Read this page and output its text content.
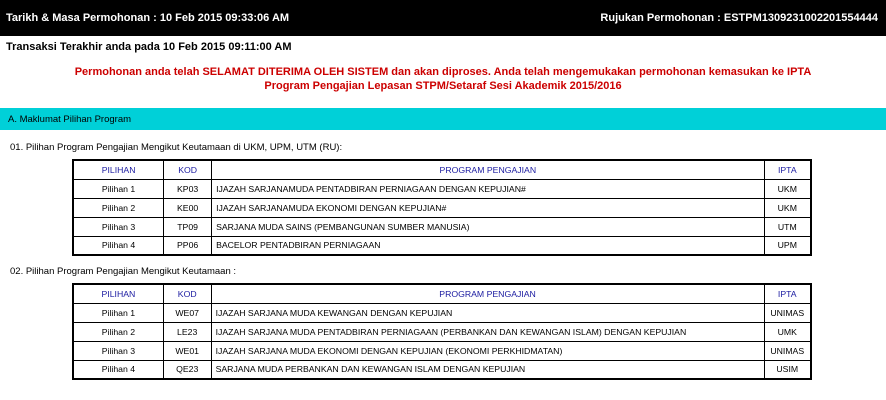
Tarikh & Masa Permohonan : 10 Feb 2015 09:33:06 AM	Rujukan Permohonan : ESTPM1309231002201554444
Transaksi Terakhir anda pada 10 Feb 2015 09:11:00 AM
Permohonan anda telah SELAMAT DITERIMA OLEH SISTEM dan akan diproses. Anda telah mengemukakan permohonan kemasukan ke IPTA
Program Pengajian Lepasan STPM/Setaraf Sesi Akademik 2015/2016
A. Maklumat Pilihan Program
01. Pilihan Program Pengajian Mengikut Keutamaan di UKM, UPM, UTM (RU):
PILIHAN	KOD	PROGRAM PENGAJIAN	IPTA
Pilihan 1	KP03	IJAZAH SARJANAMUDA PENTADBIRAN PERNIAGAAN DENGAN KEPUJIAN#	UKM
Pilihan 2	KE00	IJAZAH SARJANAMUDA EKONOMI DENGAN KEPUJIAN#	UKM
Pilihan 3	TP09	SARJANA MUDA SAINS (PEMBANGUNAN SUMBER MANUSIA)	UTM
Pilihan 4	PP06	BACELOR PENTADBIRAN PERNIAGAAN	UPM
02. Pilihan Program Pengajian Mengikut Keutamaan :
PILIHAN	KOD	PROGRAM PENGAJIAN	IPTA
Pilihan 1	WE07	IJAZAH SARJANA MUDA KEWANGAN DENGAN KEPUJIAN	UNIMAS
Pilihan 2	LE23	IJAZAH SARJANA MUDA PENTADBIRAN PERNIAGAAN (PERBANKAN DAN KEWANGAN ISLAM) DENGAN KEPUJIAN	UMK
Pilihan 3	WE01	IJAZAH SARJANA MUDA EKONOMI DENGAN KEPUJIAN (EKONOMI PERKHIDMATAN)	UNIMAS
Pilihan 4	QE23	SARJANA MUDA PERBANKAN DAN KEWANGAN ISLAM DENGAN KEPUJIAN	USIM
